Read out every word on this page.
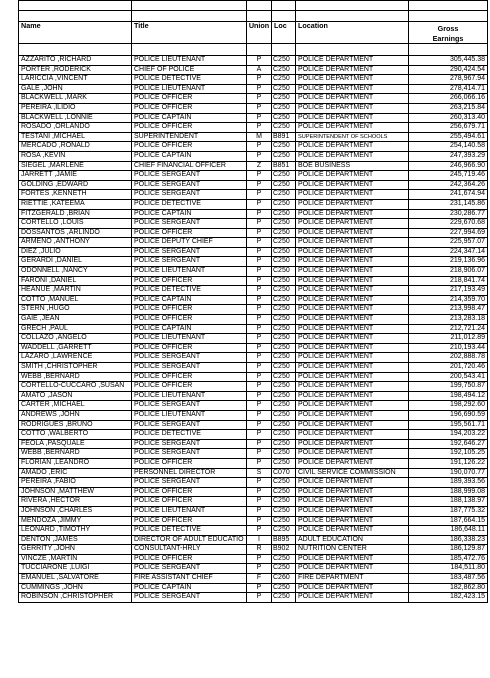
Name	Title	Union	Loc	Location	Gross
Earnings

AZZARITO ,RICHARD	POLICE LIEUTENANT	P	C250	POLICE DEPARTMENT	305,445.38
PORTER ,RODERICK	CHIEF OF POLICE	A	C250	POLICE DEPARTMENT	290,424.54
LARICCIA ,VINCENT	POLICE DETECTIVE	P	C250	POLICE DEPARTMENT	278,967.94
GALE ,JOHN	POLICE LIEUTENANT	P	C250	POLICE DEPARTMENT	278,414.71
BLACKWELL ,MARK	POLICE OFFICER	P	C250	POLICE DEPARTMENT	266,066.16
PEREIRA ,ILIDIO	POLICE OFFICER	P	C250	POLICE DEPARTMENT	263,215.84
BLACKWELL ,LONNIE	POLICE CAPTAIN	P	C250	POLICE DEPARTMENT	260,313.40
ROSADO ,ORLANDO	POLICE OFFICER	P	C250	POLICE DEPARTMENT	256,679.71
TESTANI ,MICHAEL	SUPERINTENDENT	M	B891	SUPERINTENDENT OF SCHOOLS	255,494.61
MERCADO ,RONALD	POLICE OFFICER	P	C250	POLICE DEPARTMENT	254,140.58
ROSA ,KEVIN	POLICE CAPTAIN	P	C250	POLICE DEPARTMENT	247,393.29
SIEGEL ,MARLENE	CHIEF FINANCIAL OFFICER	Z	B851	BOE BUSINESS	246,966.90
JARRETT ,JAMIE	POLICE SERGEANT	P	C250	POLICE DEPARTMENT	245,719.46
GOLDING ,EDWARD	POLICE SERGEANT	P	C250	POLICE DEPARTMENT	242,364.26
FORTES ,KENNETH	POLICE SERGEANT	P	C250	POLICE DEPARTMENT	241,674.94
RIETTIE ,KATEEMA	POLICE DETECTIVE	P	C250	POLICE DEPARTMENT	231,145.86
FITZGERALD ,BRIAN	POLICE CAPTAIN	P	C250	POLICE DEPARTMENT	230,286.77
CORTELLO ,LOUIS	POLICE SERGEANT	P	C250	POLICE DEPARTMENT	229,670.68
DOSSANTOS ,ARLINDO	POLICE OFFICER	P	C250	POLICE DEPARTMENT	227,994.69
ARMENO ,ANTHONY	POLICE DEPUTY CHIEF	P	C250	POLICE DEPARTMENT	225,957.07
DIEZ ,JULIO	POLICE SERGEANT	P	C250	POLICE DEPARTMENT	224,347.14
GERARDI ,DANIEL	POLICE SERGEANT	P	C250	POLICE DEPARTMENT	219,136.96
ODONNELL ,NANCY	POLICE LIEUTENANT	P	C250	POLICE DEPARTMENT	218,906.07
FARONI ,DANIEL	POLICE OFFICER	P	C250	POLICE DEPARTMENT	218,841.74
HEANUE ,MARTIN	POLICE DETECTIVE	P	C250	POLICE DEPARTMENT	217,193.49
COTTO ,MANUEL	POLICE CAPTAIN	P	C250	POLICE DEPARTMENT	214,359.70
STERN ,HUGO	POLICE OFFICER	P	C250	POLICE DEPARTMENT	213,998.47
GAIE ,JEAN	POLICE OFFICER	P	C250	POLICE DEPARTMENT	213,283.18
GRECH ,PAUL	POLICE CAPTAIN	P	C250	POLICE DEPARTMENT	212,721.24
COLLAZO ,ANGELO	POLICE LIEUTENANT	P	C250	POLICE DEPARTMENT	211,012.89
WADDELL ,GARRETT	POLICE OFFICER	P	C250	POLICE DEPARTMENT	210,193.44
LAZARO ,LAWRENCE	POLICE SERGEANT	P	C250	POLICE DEPARTMENT	202,888.78
SMITH ,CHRISTOPHER	POLICE SERGEANT	P	C250	POLICE DEPARTMENT	201,720.46
WEBB ,BERNARD	POLICE OFFICER	P	C250	POLICE DEPARTMENT	200,543.41
CORTELLO-CUCCARO ,SUSAN	POLICE OFFICER	P	C250	POLICE DEPARTMENT	199,750.87
AMATO ,JASON	POLICE LIEUTENANT	P	C250	POLICE DEPARTMENT	198,494.12
CARTER ,MICHAEL	POLICE SERGEANT	P	C250	POLICE DEPARTMENT	198,292.60
ANDREWS ,JOHN	POLICE LIEUTENANT	P	C250	POLICE DEPARTMENT	196,690.59
RODRIGUES ,BRUNO	POLICE SERGEANT	P	C250	POLICE DEPARTMENT	195,561.71
COTTO ,WALBERTO	POLICE DETECTIVE	P	C250	POLICE DEPARTMENT	194,203.22
FEOLA ,PASQUALE	POLICE SERGEANT	P	C250	POLICE DEPARTMENT	192,646.27
WEBB ,BERNARD	POLICE SERGEANT	P	C250	POLICE DEPARTMENT	192,105.25
FLORIAN ,LEANDRO	POLICE OFFICER	P	C250	POLICE DEPARTMENT	191,126.22
AMADO ,ERIC	PERSONNEL DIRECTOR	S	C070	CIVIL SERVICE COMMISSION	190,070.77
PEREIRA ,FABIO	POLICE SERGEANT	P	C250	POLICE DEPARTMENT	189,393.56
JOHNSON ,MATTHEW	POLICE OFFICER	P	C250	POLICE DEPARTMENT	188,999.08
RIVERA ,HECTOR	POLICE OFFICER	P	C250	POLICE DEPARTMENT	188,138.97
JOHNSON ,CHARLES	POLICE LIEUTENANT	P	C250	POLICE DEPARTMENT	187,775.32
MENDOZA ,JIMMY	POLICE OFFICER	P	C250	POLICE DEPARTMENT	187,664.15
LEONARD ,TIMOTHY	POLICE DETECTIVE	P	C250	POLICE DEPARTMENT	186,648.11
DENTON ,JAMES	DIRECTOR OF ADULT EDUCATIO	I	B895	ADULT EDUCATION	186,338.23
GERRITY ,JOHN	CONSULTANT-HRLY	R	B902	NUTRITION CENTER	186,129.87
VINCZE ,MARTIN	POLICE OFFICER	P	C250	POLICE DEPARTMENT	185,472.76
TUCCIARONE ,LUIGI	POLICE SERGEANT	P	C250	POLICE DEPARTMENT	184,511.80
EMANUEL ,SALVATORE	FIRE ASSISTANT CHIEF	F	C260	FIRE DEPARTMENT	183,487.56
CUMMINGS ,JOHN	POLICE CAPTAIN	P	C250	POLICE DEPARTMENT	182,862.80
ROBINSON ,CHRISTOPHER	POLICE SERGEANT	P	C250	POLICE DEPARTMENT	182,423.15
